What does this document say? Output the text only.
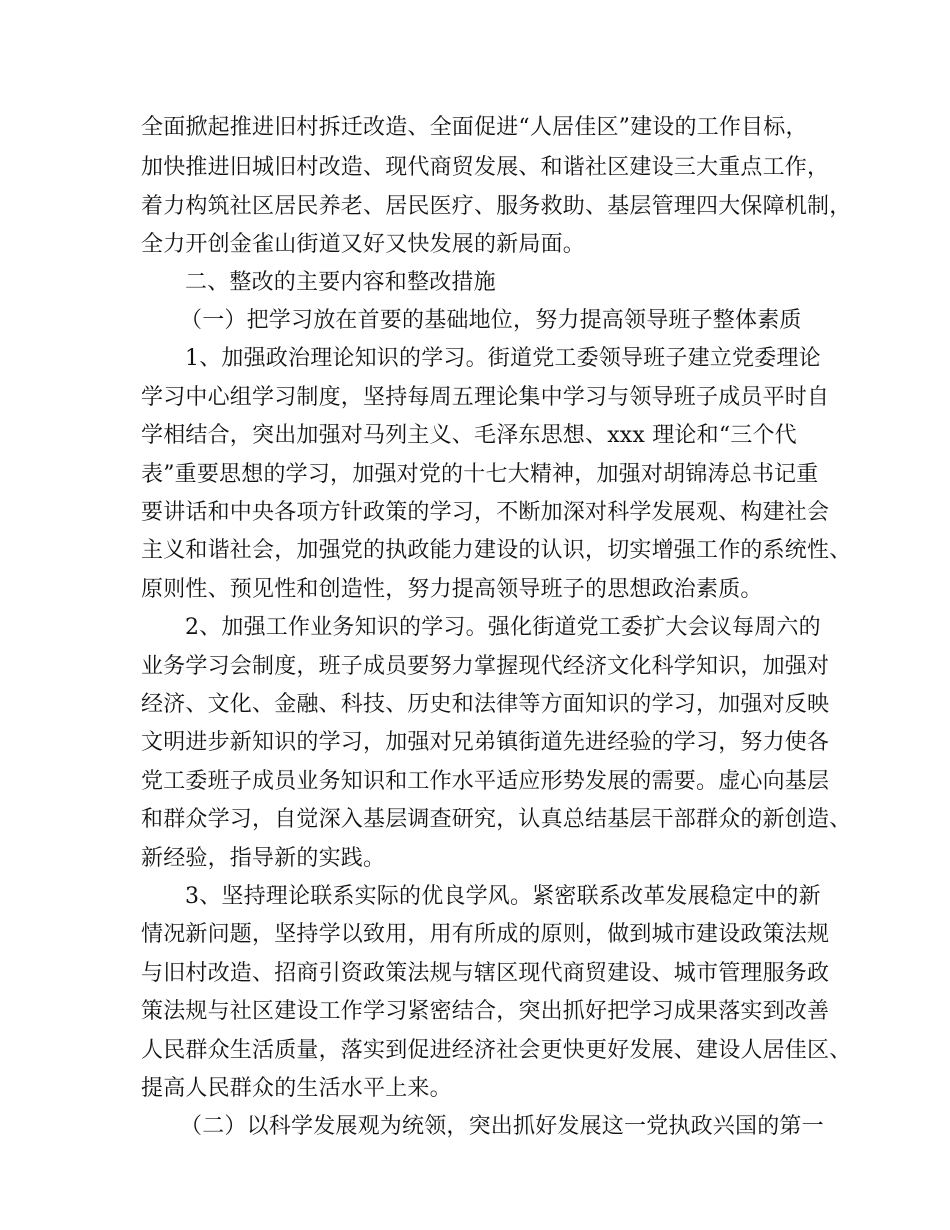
全面掀起推进旧村拆迁改造、全面促进“人居佳区”建设的工作目标，
加快推进旧城旧村改造、现代商贸发展、和谐社区建设三大重点工作，
着力构筑社区居民养老、居民医疗、服务救助、基层管理四大保障机制，
全力开创金雀山街道又好又快发展的新局面。
二、整改的主要内容和整改措施
（一）把学习放在首要的基础地位，努力提高领导班子整体素质
1、加强政治理论知识的学习。街道党工委领导班子建立党委理论
学习中心组学习制度，坚持每周五理论集中学习与领导班子成员平时自
学相结合，突出加强对马列主义、毛泽东思想、xxx 理论和“三个代
表”重要思想的学习，加强对党的十七大精神，加强对胡锦涛总书记重
要讲话和中央各项方针政策的学习，不断加深对科学发展观、构建社会
主义和谐社会，加强党的执政能力建设的认识，切实增强工作的系统性、
原则性、预见性和创造性，努力提高领导班子的思想政治素质。
2、加强工作业务知识的学习。强化街道党工委扩大会议每周六的
业务学习会制度，班子成员要努力掌握现代经济文化科学知识，加强对
经济、文化、金融、科技、历史和法律等方面知识的学习，加强对反映
文明进步新知识的学习，加强对兄弟镇街道先进经验的学习，努力使各
党工委班子成员业务知识和工作水平适应形势发展的需要。虚心向基层
和群众学习，自觉深入基层调查研究，认真总结基层干部群众的新创造、
新经验，指导新的实践。
3、坚持理论联系实际的优良学风。紧密联系改革发展稳定中的新
情况新问题，坚持学以致用，用有所成的原则，做到城市建设政策法规
与旧村改造、招商引资政策法规与辖区现代商贸建设、城市管理服务政
策法规与社区建设工作学习紧密结合，突出抓好把学习成果落实到改善
人民群众生活质量，落实到促进经济社会更快更好发展、建设人居佳区、
提高人民群众的生活水平上来。
（二）以科学发展观为统领，突出抓好发展这一党执政兴国的第一
